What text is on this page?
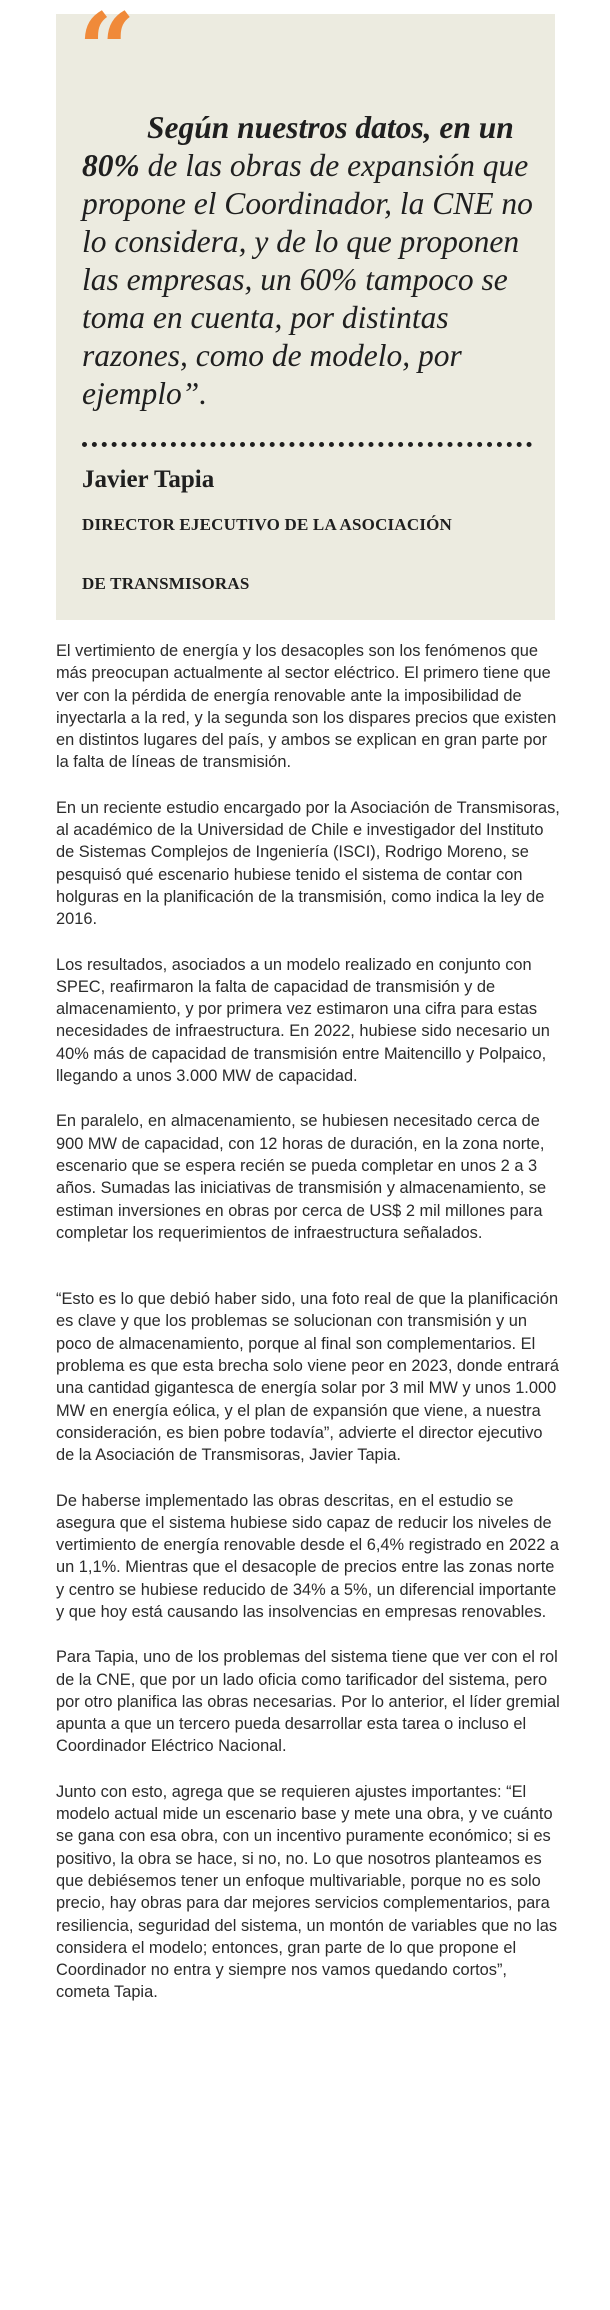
“

Según nuestros datos, en un 80% de las obras de expansión que propone el Coordinador, la CNE no lo considera, y de lo que proponen las empresas, un 60% tampoco se toma en cuenta, por distintas razones, como de modelo, por ejemplo”.

Javier Tapia

DIRECTOR EJECUTIVO DE LA ASOCIACIÓN

DE TRANSMISORAS

El vertimiento de energía y los desacoples son los fenómenos que más preocupan actualmente al sector eléctrico. El primero tiene que ver con la pérdida de energía renovable ante la imposibilidad de inyectarla a la red, y la segunda son los dispares precios que existen en distintos lugares del país, y ambos se explican en gran parte por la falta de líneas de transmisión.

En un reciente estudio encargado por la Asociación de Transmisoras, al académico de la Universidad de Chile e investigador del Instituto de Sistemas Complejos de Ingeniería (ISCI), Rodrigo Moreno, se pesquisó qué escenario hubiese tenido el sistema de contar con holguras en la planificación de la transmisión, como indica la ley de 2016.

Los resultados, asociados a un modelo realizado en conjunto con SPEC, reafirmaron la falta de capacidad de transmisión y de almacenamiento, y por primera vez estimaron una cifra para estas necesidades de infraestructura. En 2022, hubiese sido necesario un 40% más de capacidad de transmisión entre Maitencillo y Polpaico, llegando a unos 3.000 MW de capacidad.

En paralelo, en almacenamiento, se hubiesen necesitado cerca de 900 MW de capacidad, con 12 horas de duración, en la zona norte, escenario que se espera recién se pueda completar en unos 2 a 3 años. Sumadas las iniciativas de transmisión y almacenamiento, se estiman inversiones en obras por cerca de US$ 2 mil millones para completar los requerimientos de infraestructura señalados.

“Esto es lo que debió haber sido, una foto real de que la planificación es clave y que los problemas se solucionan con transmisión y un poco de almacenamiento, porque al final son complementarios. El problema es que esta brecha solo viene peor en 2023, donde entrará una cantidad gigantesca de energía solar por 3 mil MW y unos 1.000 MW en energía eólica, y el plan de expansión que viene, a nuestra consideración, es bien pobre todavía”, advierte el director ejecutivo de la Asociación de Transmisoras, Javier Tapia.

De haberse implementado las obras descritas, en el estudio se asegura que el sistema hubiese sido capaz de reducir los niveles de vertimiento de energía renovable desde el 6,4% registrado en 2022 a un 1,1%. Mientras que el desacople de precios entre las zonas norte y centro se hubiese reducido de 34% a 5%, un diferencial importante y que hoy está causando las insolvencias en empresas renovables.

Para Tapia, uno de los problemas del sistema tiene que ver con el rol de la CNE, que por un lado oficia como tarificador del sistema, pero por otro planifica las obras necesarias. Por lo anterior, el líder gremial apunta a que un tercero pueda desarrollar esta tarea o incluso el Coordinador Eléctrico Nacional.

Junto con esto, agrega que se requieren ajustes importantes: “El modelo actual mide un escenario base y mete una obra, y ve cuánto se gana con esa obra, con un incentivo puramente económico; si es positivo, la obra se hace, si no, no. Lo que nosotros planteamos es que debiésemos tener un enfoque multivariable, porque no es solo precio, hay obras para dar mejores servicios complementarios, para resiliencia, seguridad del sistema, un montón de variables que no las considera el modelo; entonces, gran parte de lo que propone el Coordinador no entra y siempre nos vamos quedando cortos”, cometa Tapia.
